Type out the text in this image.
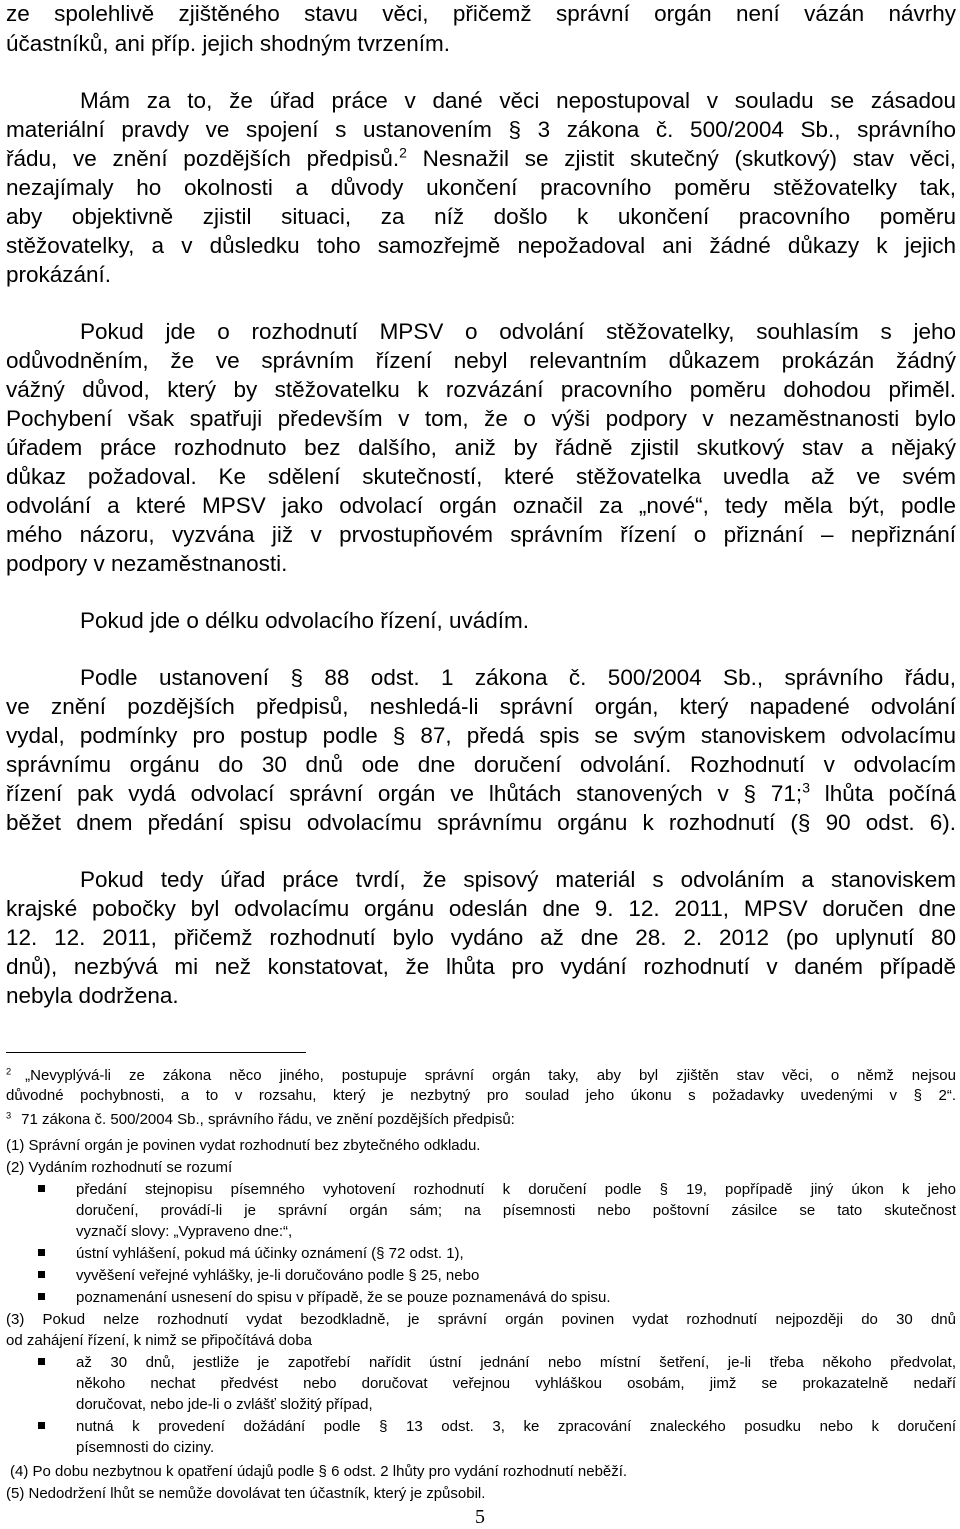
ze spolehlivě zjištěného stavu věci, přičemž správní orgán není vázán návrhy

účastníků, ani příp. jejich shodným tvrzením.

Mám za to, že úřad práce v dané věci nepostupoval v souladu se zásadou

materiální pravdy ve spojení s ustanovením § 3 zákona č. 500/2004 Sb., správního

řádu, ve znění pozdějších předpisů.$^2$ Nesnažil se zjistit skutečný (skutkový) stav věci,

nezajímaly ho okolnosti a důvody ukončení pracovního poměru stěžovatelky tak,

aby objektivně zjistil situaci, za níž došlo k ukončení pracovního poměru

stěžovatelky, a v důsledku toho samozřejmě nepožadoval ani žádné důkazy k jejich

prokázání.

Pokud jde o rozhodnutí MPSV o odvolání stěžovatelky, souhlasím s jeho

odůvodněním, že ve správním řízení nebyl relevantním důkazem prokázán žádný

vážný důvod, který by stěžovatelku k rozvázání pracovního poměru dohodou přiměl.

Pochybení však spatřuji především v tom, že o výši podpory v nezaměstnanosti bylo

úřadem práce rozhodnuto bez dalšího, aniž by řádně zjistil skutkový stav a nějaký

důkaz požadoval. Ke sdělení skutečností, které stěžovatelka uvedla až ve svém

odvolání a které MPSV jako odvolací orgán označil za „nové“, tedy měla být, podle

mého názoru, vyzvána již v prvostupňovém správním řízení o přiznání – nepřiznání

podpory v nezaměstnanosti.

Pokud jde o délku odvolacího řízení, uvádím.

Podle ustanovení § 88 odst. 1 zákona č. 500/2004 Sb., správního řádu,

ve znění pozdějších předpisů, neshledá-li správní orgán, který napadené odvolání

vydal, podmínky pro postup podle § 87, předá spis se svým stanoviskem odvolacímu

správnímu orgánu do 30 dnů ode dne doručení odvolání. Rozhodnutí v odvolacím

řízení pak vydá odvolací správní orgán ve lhůtách stanovených v § 71;$^3$ lhůta počíná

běžet dnem předání spisu odvolacímu správnímu orgánu k rozhodnutí (§ 90 odst. 6).

Pokud tedy úřad práce tvrdí, že spisový materiál s odvoláním a stanoviskem

krajské pobočky byl odvolacímu orgánu odeslán dne 9. 12. 2011, MPSV doručen dne

12. 12. 2011, přičemž rozhodnutí bylo vydáno až dne 28. 2. 2012 (po uplynutí 80

dnů), nezbývá mi než konstatovat, že lhůta pro vydání rozhodnutí v daném případě

nebyla dodržena.

$^2$ „Nevyplývá-li ze zákona něco jiného, postupuje správní orgán taky, aby byl zjištěn stav věci, o němž nejsou

důvodné pochybnosti, a to v rozsahu, který je nezbytný pro soulad jeho úkonu s požadavky uvedenými v § 2“.

$^3$ 71 zákona č. 500/2004 Sb., správního řádu, ve znění pozdějších předpisů:

(1) Správní orgán je povinen vydat rozhodnutí bez zbytečného odkladu.

(2) Vydáním rozhodnutí se rozumí

předání stejnopisu písemného vyhotovení rozhodnutí k doručení podle § 19, popřípadě jiný úkon k jeho

doručení, provádí-li je správní orgán sám; na písemnosti nebo poštovní zásilce se tato skutečnost

vyznačí slovy: „Vypraveno dne:“,

ústní vyhlášení, pokud má účinky oznámení (§ 72 odst. 1),

vyvěšení veřejné vyhlášky, je-li doručováno podle § 25, nebo

poznamenání usnesení do spisu v případě, že se pouze poznamenává do spisu.

(3) Pokud nelze rozhodnutí vydat bezodkladně, je správní orgán povinen vydat rozhodnutí nejpozději do 30 dnů

od zahájení řízení, k nimž se připočítává doba

až 30 dnů, jestliže je zapotřebí nařídit ústní jednání nebo místní šetření, je-li třeba někoho předvolat,

někoho nechat předvést nebo doručovat veřejnou vyhláškou osobám, jimž se prokazatelně nedaří

doručovat, nebo jde-li o zvlášť složitý případ,

nutná k provedení dožádání podle § 13 odst. 3, ke zpracování znaleckého posudku nebo k doručení

písemnosti do ciziny.

(4) Po dobu nezbytnou k opatření údajů podle § 6 odst. 2 lhůty pro vydání rozhodnutí neběží.

(5) Nedodržení lhůt se nemůže dovolávat ten účastník, který je způsobil.

5
